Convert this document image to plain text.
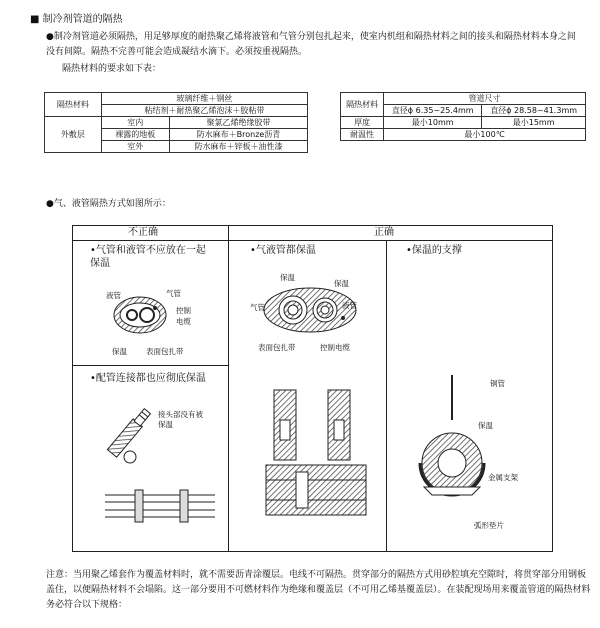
■ 制冷剂管道的隔热
●制冷剂管道必须隔热，用足够厚度的耐热聚乙烯将液管和气管分别包扎起来，使室内机组和隔热材料之间的接头和隔热材料本身之间没有间隙。隔热不完善可能会造成凝结水滴下。必须按重视隔热。
隔热材料的要求如下表：
隔热材料	玻璃纤维＋钢丝	
	粘结剂＋耐热聚乙烯泡沫＋胶粘带	
外敷层	室内	聚氯乙烯绝缘胶带
	裸露的地板	防水麻布＋Bronze沥青
	室外	防水麻布＋锌板＋油性漆
隔热材料	管道尺寸	
	直径ϕ 6.35~25.4mm	直径ϕ 28.58~41.3mm
厚度	最小10mm	最小15mm
耐温性	最小100℃	
●气、液管隔热方式如图所示：
不正确	正确
•气管和液管不应放在一起保温
•配管连接都也应彻底保温
•气液管都保温	•保温的支撑
液管	气管
控制电缆
保温	表面包扎带
接头部没有被保温
保温
保温
气管	液管
表面包扎带	控制电缆
铜管
保温
金属支架
弧形垫片
注意：当用聚乙烯套作为覆盖材料时，就不需要沥青涂覆层。电线不可隔热。贯穿部分的隔热方式用砂腔填充空隙时，将贯穿部分用钢板盖住，以便隔热材料不会塌陷。这一部分要用不可燃材料作为绝缘和覆盖层（不可用乙烯基覆盖层）。在装配现场用来覆盖管道的隔热材料务必符合以下规格：
